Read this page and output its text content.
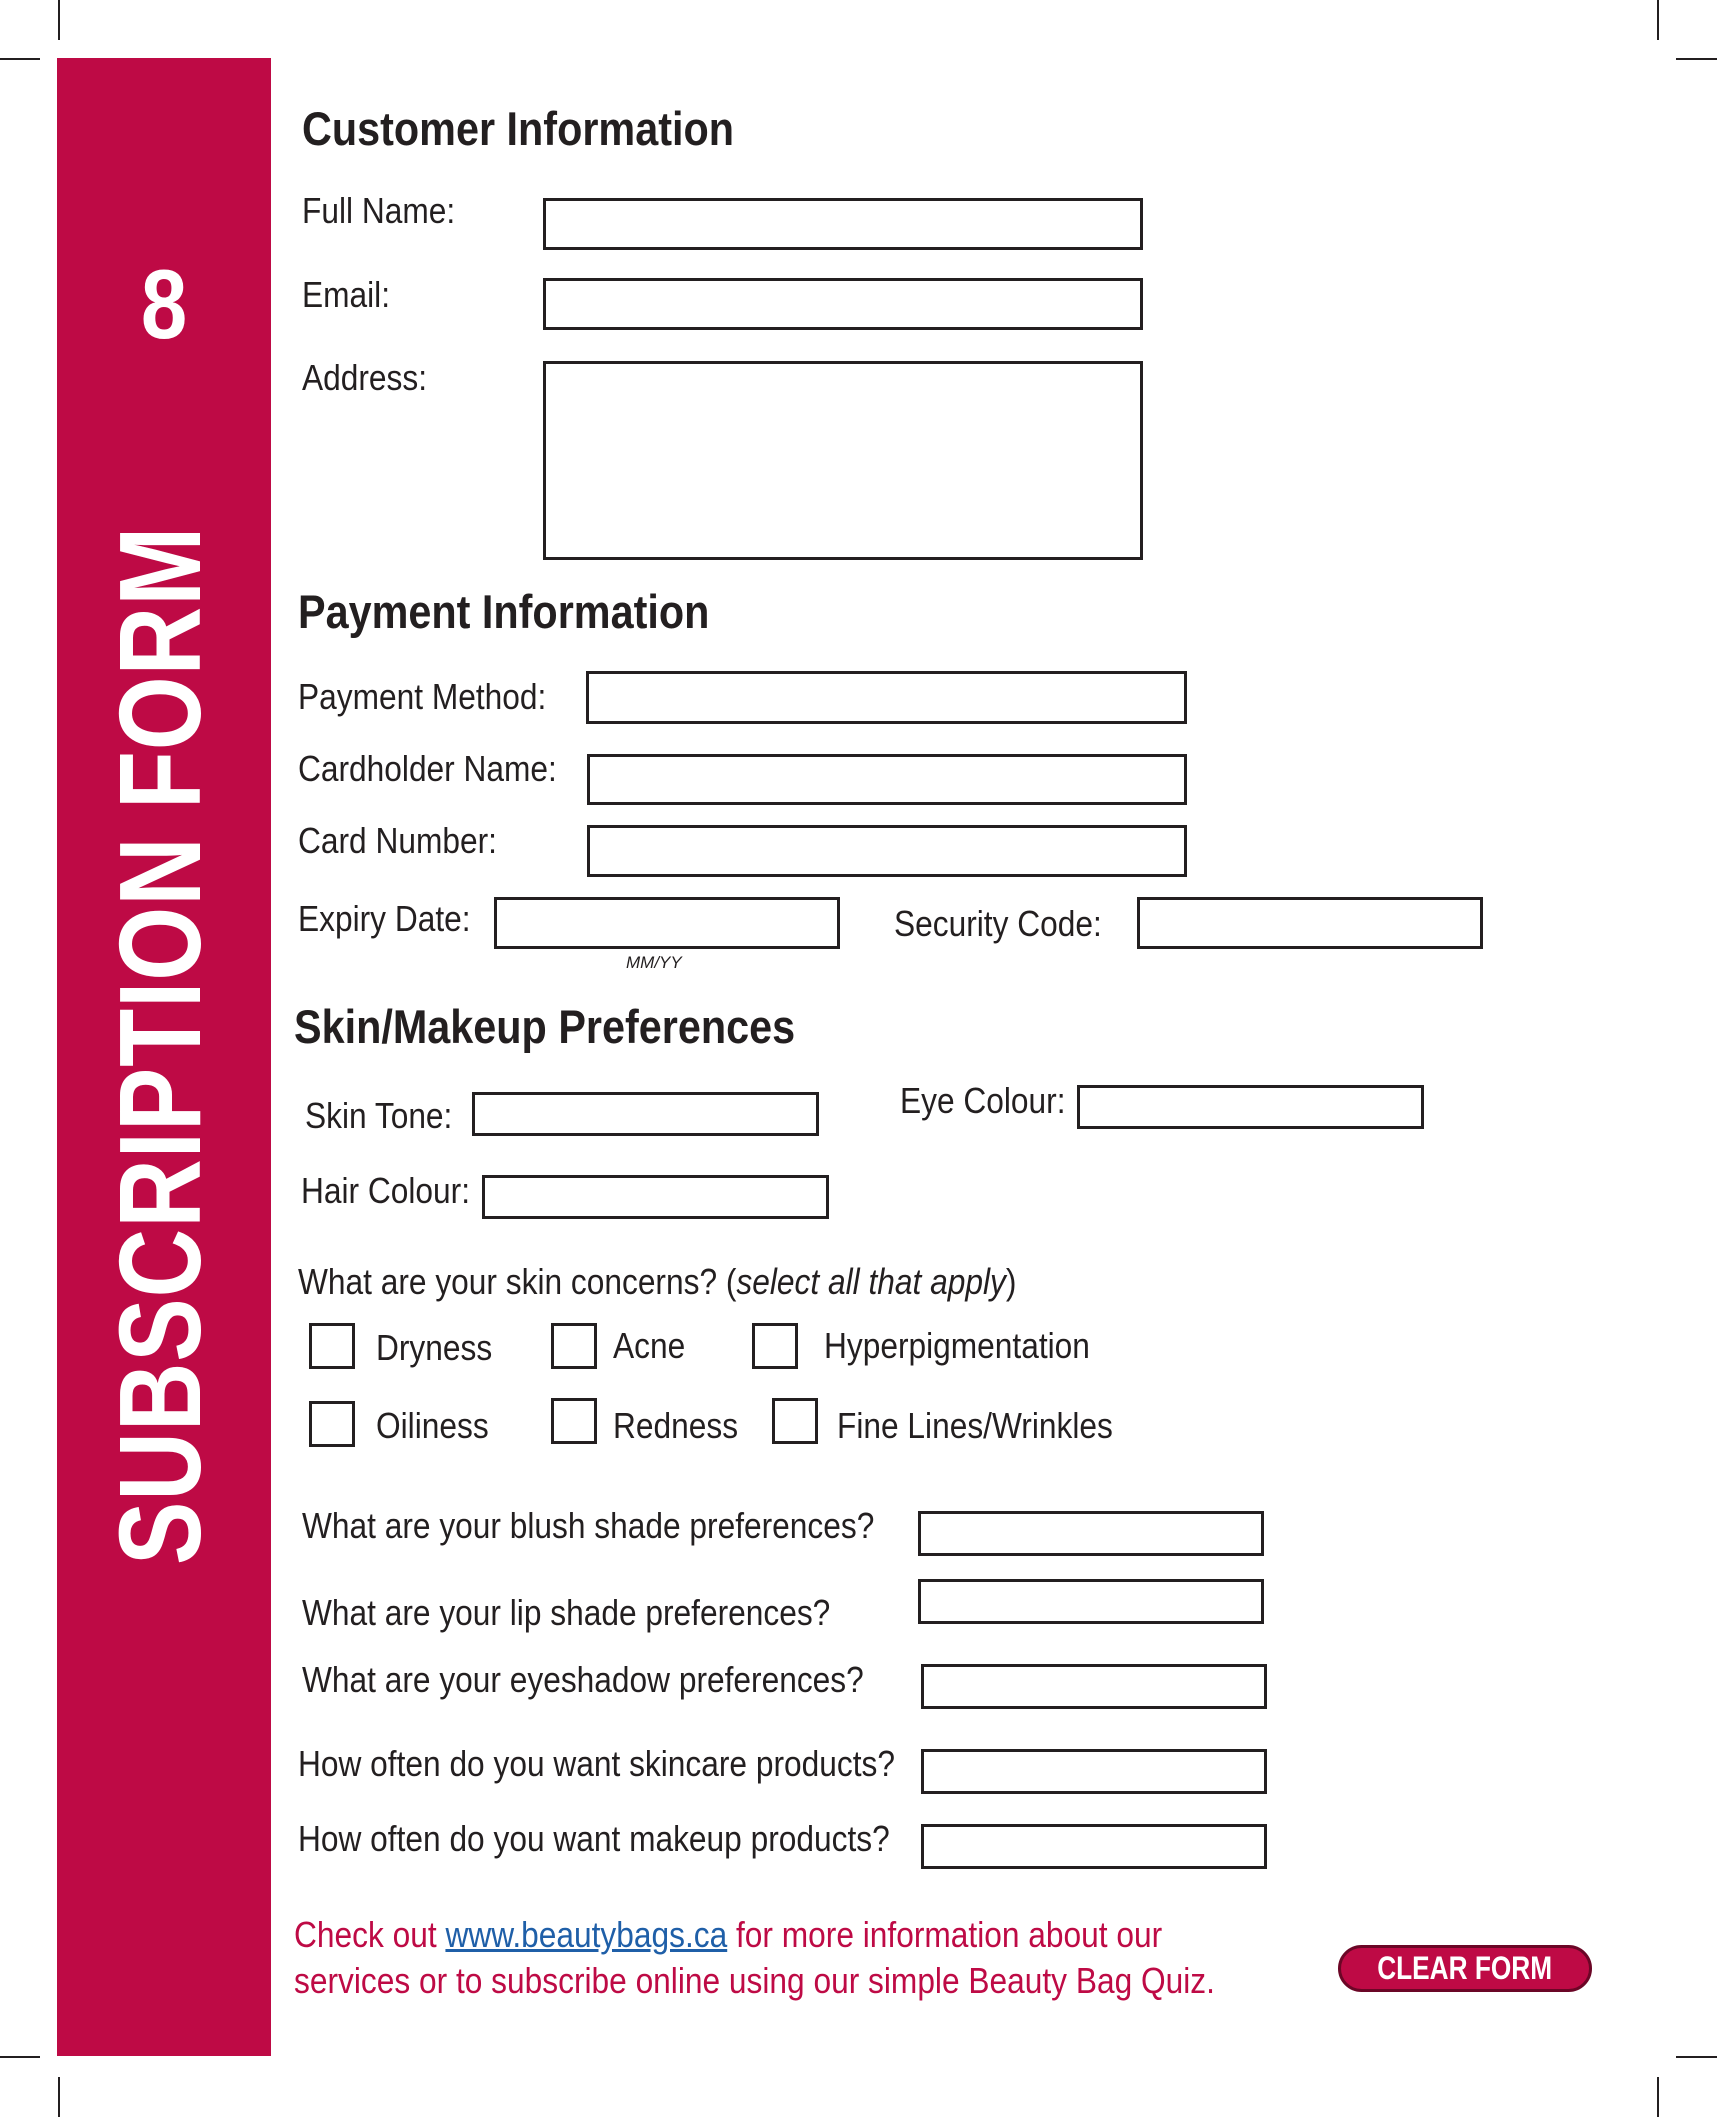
8
SUBSCRIPTION FORM
Customer Information
Full Name:
Email:
Address:
Payment Information
Payment Method:
Cardholder Name:
Card Number:
Expiry Date:
MM/YY
Security Code:
Skin/Makeup Preferences
Skin Tone:	Eye Colour:
Hair Colour:
What are your skin concerns? (select all that apply)
Dryness	Acne	Hyperpigmentation
Oiliness	Redness	Fine Lines/Wrinkles
What are your blush shade preferences?
What are your lip shade preferences?
What are your eyeshadow preferences?
How often do you want skincare products?
How often do you want makeup products?
Check out www.beautybags.ca for more information about our
services or to subscribe online using our simple Beauty Bag Quiz.	CLEAR FORM
